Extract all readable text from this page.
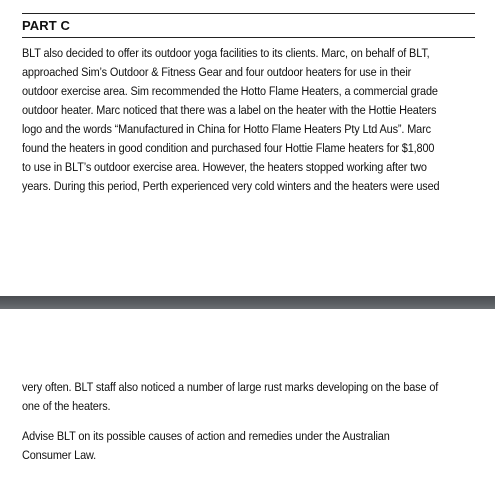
PART C

BLT also decided to offer its outdoor yoga facilities to its clients. Marc, on behalf of BLT,
approached Sim’s Outdoor & Fitness Gear and four outdoor heaters for use in their
outdoor exercise area. Sim recommended the Hotto Flame Heaters, a commercial grade
outdoor heater. Marc noticed that there was a label on the heater with the Hottie Heaters
logo and the words “Manufactured in China for Hotto Flame Heaters Pty Ltd Aus”. Marc
found the heaters in good condition and purchased four Hottie Flame heaters for $1,800
to use in BLT’s outdoor exercise area. However, the heaters stopped working after two
years. During this period, Perth experienced very cold winters and the heaters were used

very often. BLT staff also noticed a number of large rust marks developing on the base of
one of the heaters.

Advise BLT on its possible causes of action and remedies under the Australian
Consumer Law.
